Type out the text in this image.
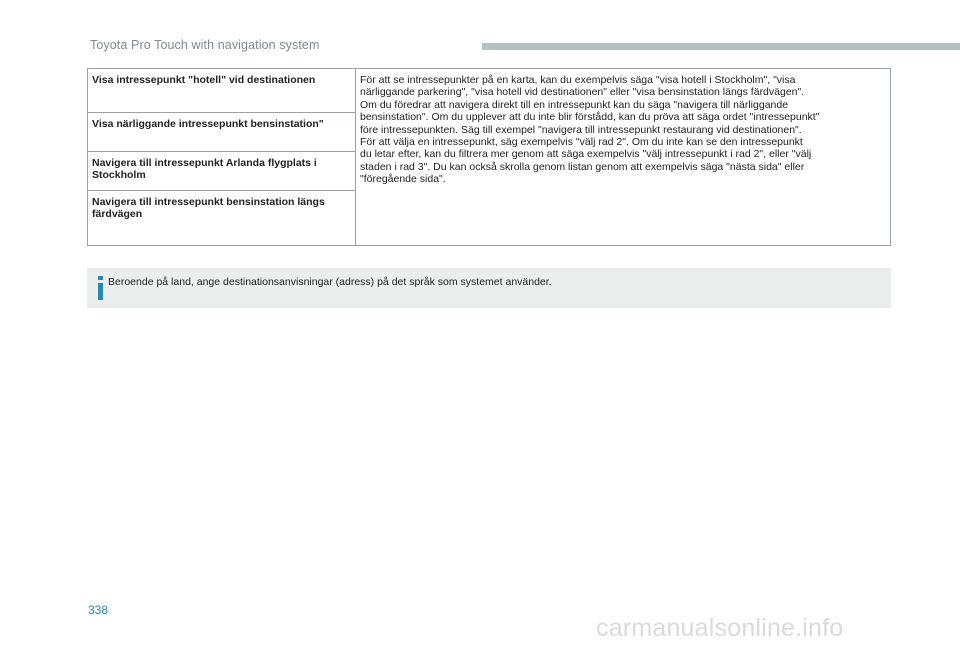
Toyota Pro Touch with navigation system
Visa intressepunkt "hotell" vid destinationen	För att se intressepunkter på en karta, kan du exempelvis säga "visa hotell i Stockholm", "visa
närliggande parkering", "visa hotell vid destinationen" eller "visa bensinstation längs färdvägen".
Om du föredrar att navigera direkt till en intressepunkt kan du säga "navigera till närliggande
bensinstation". Om du upplever att du inte blir förstådd, kan du pröva att säga ordet "intressepunkt"
före intressepunkten. Säg till exempel "navigera till intressepunkt restaurang vid destinationen".
För att välja en intressepunkt, säg exempelvis "välj rad 2". Om du inte kan se den intressepunkt
du letar efter, kan du filtrera mer genom att säga exempelvis "välj intressepunkt i rad 2", eller "välj
staden i rad 3". Du kan också skrolla genom listan genom att exempelvis säga "nästa sida" eller
"föregående sida".

Visa närliggande intressepunkt bensinstation"
Navigera till intressepunkt Arlanda flygplats i Stockholm
Navigera till intressepunkt bensinstation längs färdvägen
Beroende på land, ange destinationsanvisningar (adress) på det språk som systemet använder.
338
carmanualsonline.info
